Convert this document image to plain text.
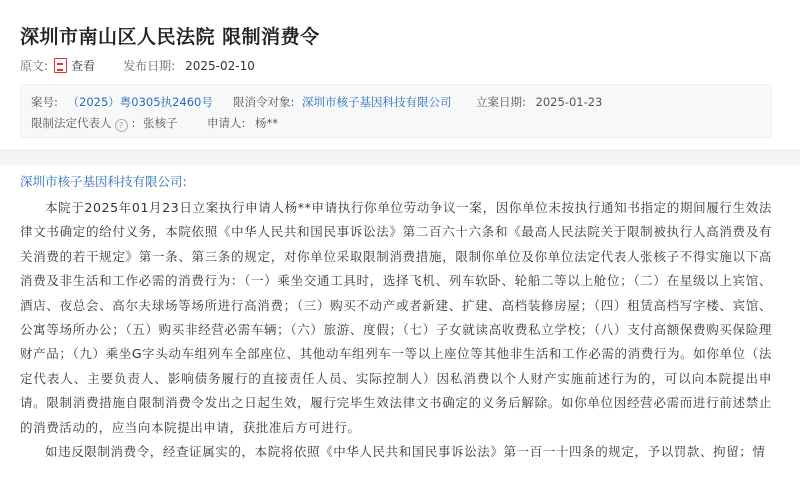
深圳市南山区人民法院 限制消费令
原文: 查看 发布日期: 2025-02-10
案号: （2025）粤0305执2460号 限消令对象: 深圳市核子基因科技有限公司 立案日期: 2025-01-23
限制法定代表人 ? : 张核子	申请人: 杨**
深圳市核子基因科技有限公司:

本院于2025年01月23日立案执行申请人杨**申请执行你单位劳动争议一案，因你单位未按执行通知书指定的期间履行生效法律文书确定的给付义务，本院依照《中华人民共和国民事诉讼法》第二百六十六条和《最高人民法院关于限制被执行人高消费及有关消费的若干规定》第一条、第三条的规定，对你单位采取限制消费措施，限制你单位及你单位法定代表人张核子不得实施以下高消费及非生活和工作必需的消费行为：（一）乘坐交通工具时，选择飞机、列车软卧、轮船二等以上舱位；（二）在星级以上宾馆、酒店、夜总会、高尔夫球场等场所进行高消费；（三）购买不动产或者新建、扩建、高档装修房屋；（四）租赁高档写字楼、宾馆、公寓等场所办公；（五）购买非经营必需车辆；（六）旅游、度假；（七）子女就读高收费私立学校；（八）支付高额保费购买保险理财产品；（九）乘坐G字头动车组列车全部座位、其他动车组列车一等以上座位等其他非生活和工作必需的消费行为。如你单位（法定代表人、主要负责人、影响债务履行的直接责任人员、实际控制人）因私消费以个人财产实施前述行为的，可以向本院提出申请。限制消费措施自限制消费令发出之日起生效，履行完毕生效法律文书确定的义务后解除。如你单位因经营必需而进行前述禁止的消费活动的，应当向本院提出申请，获批准后方可进行。

如违反限制消费令，经查证属实的，本院将依照《中华人民共和国民事诉讼法》第一百一十四条的规定，予以罚款、拘留；情
